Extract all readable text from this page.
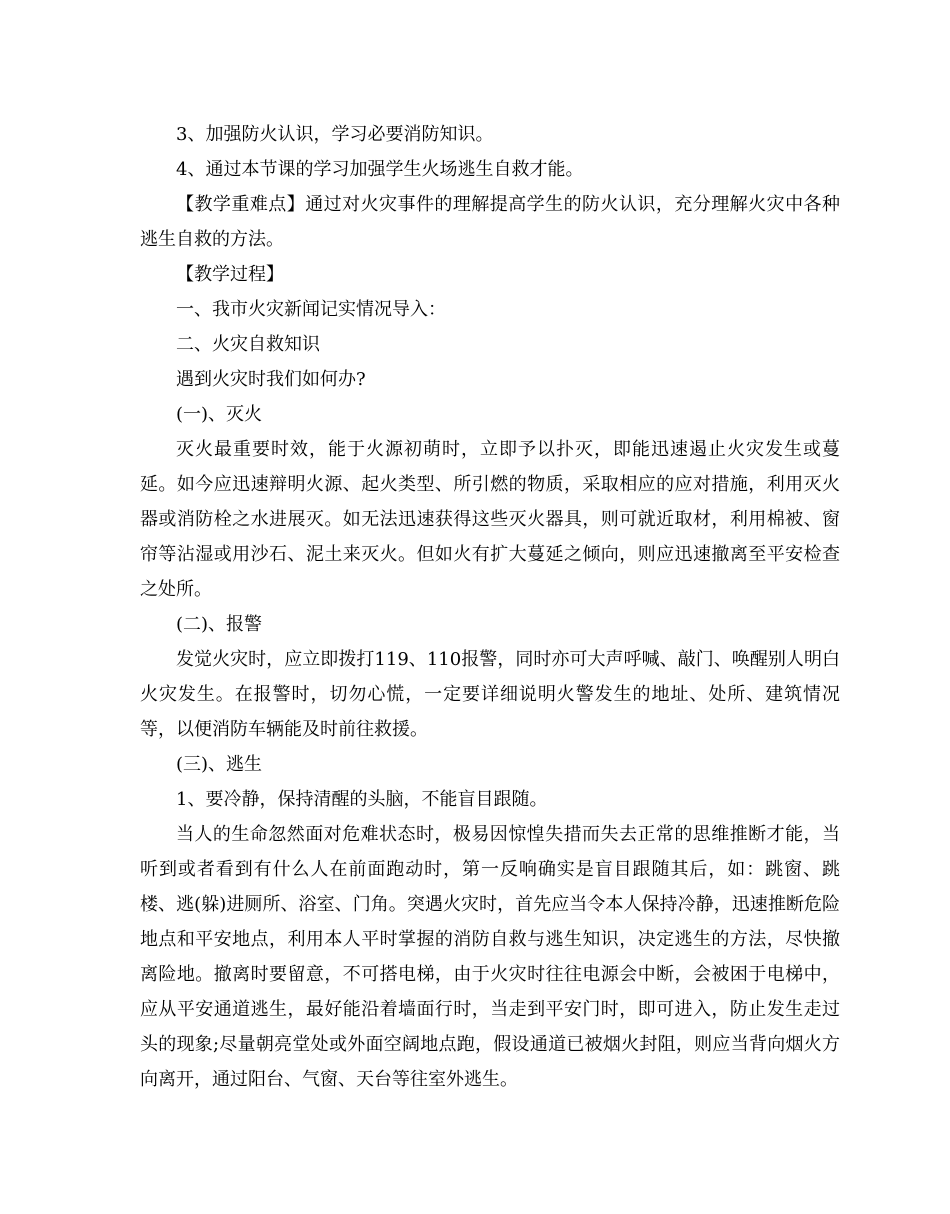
3、加强防火认识，学习必要消防知识。

4、通过本节课的学习加强学生火场逃生自救才能。

【教学重难点】通过对火灾事件的理解提高学生的防火认识，充分理解火灾中各种逃生自救的方法。

【教学过程】

一、我市火灾新闻记实情况导入：

二、火灾自救知识

遇到火灾时我们如何办?

(一)、灭火

灭火最重要时效，能于火源初萌时，立即予以扑灭，即能迅速遏止火灾发生或蔓延。如今应迅速辩明火源、起火类型、所引燃的物质，采取相应的应对措施，利用灭火器或消防栓之水进展灭。如无法迅速获得这些灭火器具，则可就近取材，利用棉被、窗帘等沾湿或用沙石、泥土来灭火。但如火有扩大蔓延之倾向，则应迅速撤离至平安检查之处所。

(二)、报警

发觉火灾时，应立即拨打119、110报警，同时亦可大声呼喊、敲门、唤醒别人明白火灾发生。在报警时，切勿心慌，一定要详细说明火警发生的地址、处所、建筑情况等，以便消防车辆能及时前往救援。

(三)、逃生

1、要冷静，保持清醒的头脑，不能盲目跟随。

当人的生命忽然面对危难状态时，极易因惊惶失措而失去正常的思维推断才能，当听到或者看到有什么人在前面跑动时，第一反响确实是盲目跟随其后，如：跳窗、跳楼、逃(躲)进厕所、浴室、门角。突遇火灾时，首先应当令本人保持冷静，迅速推断危险地点和平安地点，利用本人平时掌握的消防自救与逃生知识，决定逃生的方法，尽快撤离险地。撤离时要留意，不可搭电梯，由于火灾时往往电源会中断，会被困于电梯中，应从平安通道逃生，最好能沿着墙面行时，当走到平安门时，即可进入，防止发生走过头的现象;尽量朝亮堂处或外面空阔地点跑，假设通道已被烟火封阻，则应当背向烟火方向离开，通过阳台、气窗、天台等往室外逃生。
